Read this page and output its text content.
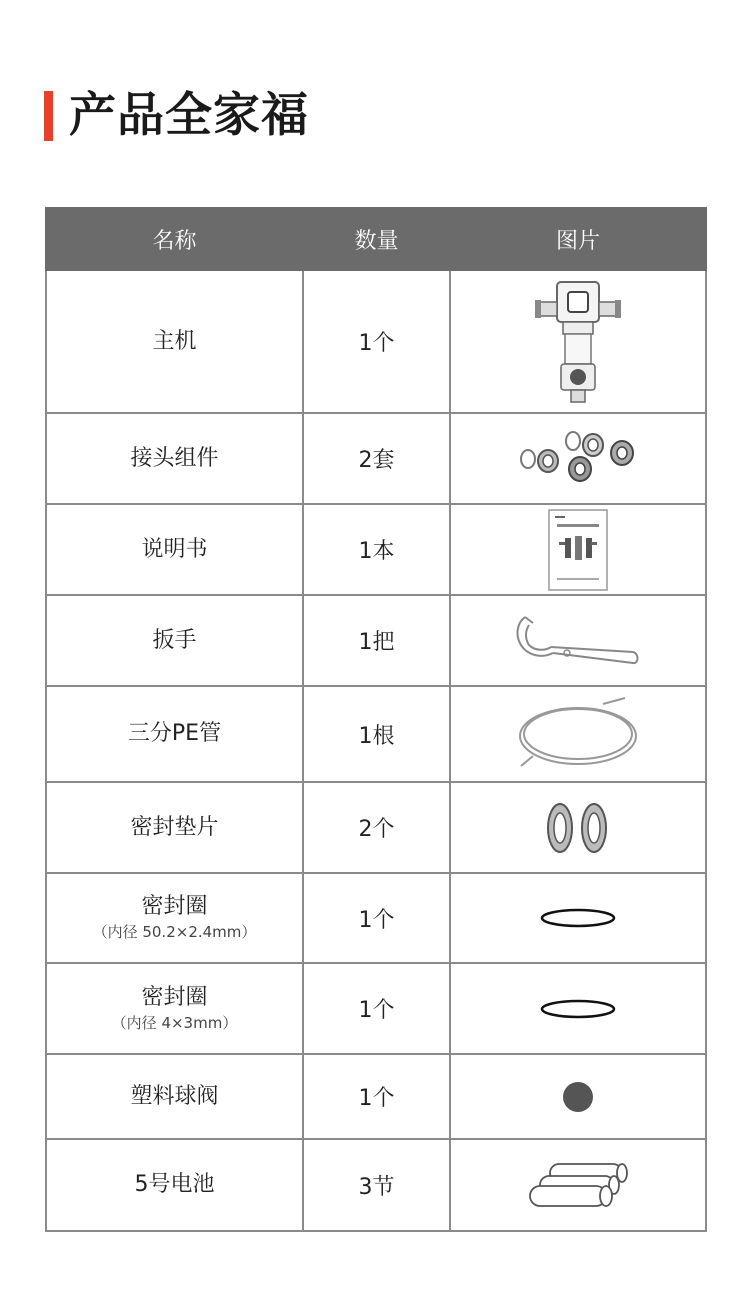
产品全家福
名称	数量	图片

主机	1个	

接头组件	2套	

说明书	1本	

扳手	1把	

三分PE管	1根	

密封垫片	2个	

密封圈
（内径 50.2×2.4mm）	1个	

密封圈
（内径 4×3mm）	1个	

塑料球阀	1个	

5号电池	3节	
